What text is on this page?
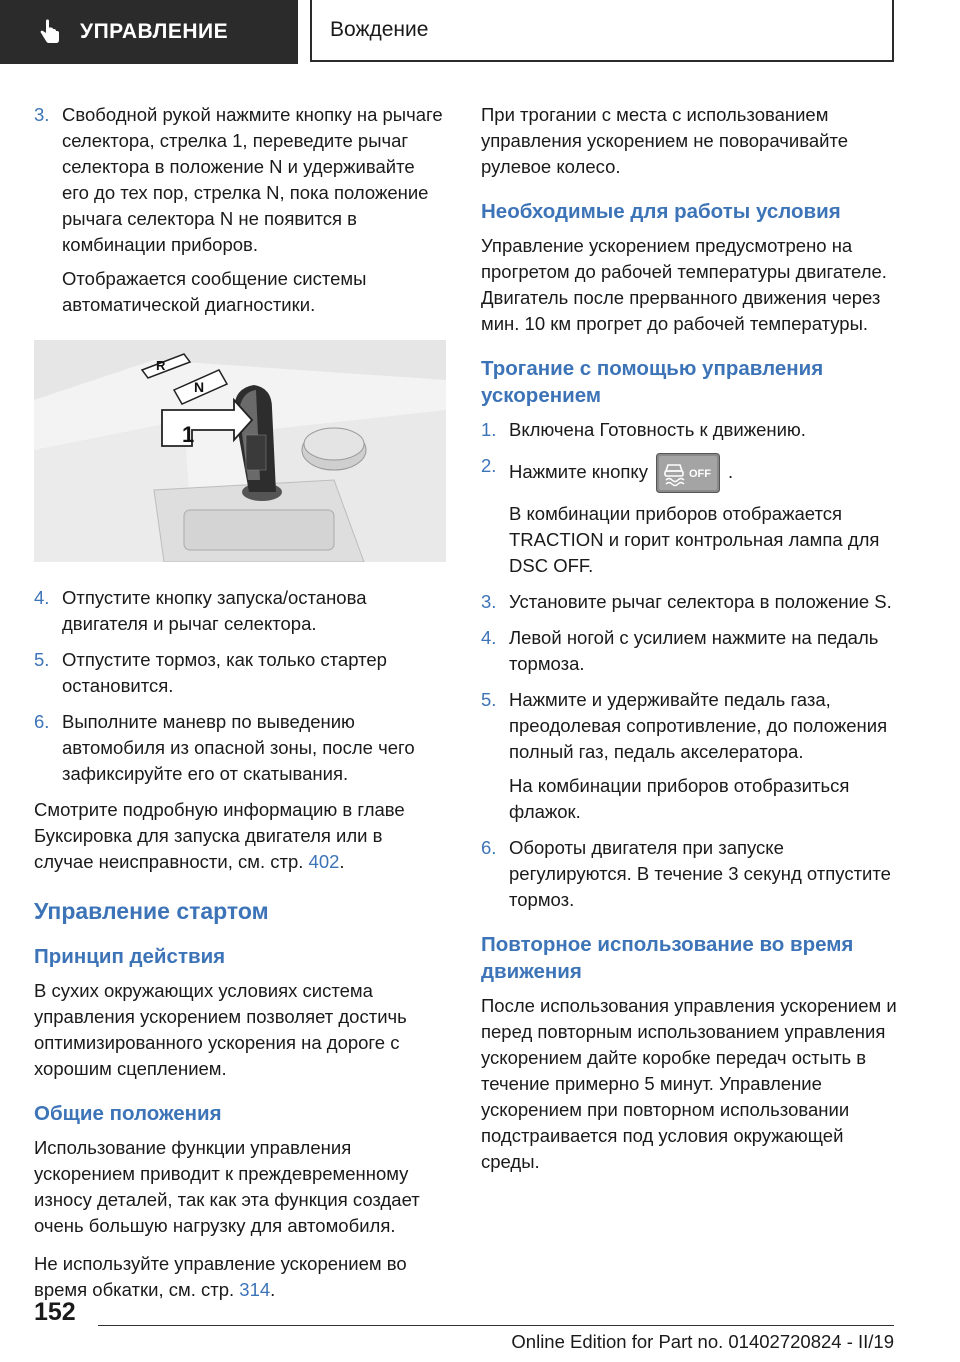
УПРАВЛЕНИЕ	Вождение
3. Свободной рукой нажмите кнопку на рычаге селектора, стрелка 1, переведите рычаг селектора в положение N и удерживайте его до тех пор, стрелка N, пока положение рычага селектора N не появится в комбинации приборов.

Отображается сообщение системы автоматической диагностики.

R
N
1
4. Отпустите кнопку запуска/останова двигателя и рычаг селектора.

5. Отпустите тормоз, как только стартер остановится.

6. Выполните маневр по выведению автомобиля из опасной зоны, после чего зафиксируйте его от скатывания.

Смотрите подробную информацию в главе Буксировка для запуска двигателя или в случае неисправности, см. стр. 402.

Управление стартом
Принцип действия

В сухих окружающих условиях система управления ускорением позволяет достичь оптимизированного ускорения на дороге с хорошим сцеплением.

Общие положения

Использование функции управления ускорением приводит к преждевременному износу деталей, так как эта функция создает очень большую нагрузку для автомобиля.

Не используйте управление ускорением во время обкатки, см. стр. 314.

При трогании с места с использованием управления ускорением не поворачивайте рулевое колесо.

Необходимые для работы условия

Управление ускорением предусмотрено на прогретом до рабочей температуры двигателе. Двигатель после прерванного движения через мин. 10 км прогрет до рабочей температуры.

Трогание с помощью управления ускорением
1. Включена Готовность к движению.

2. Нажмите кнопку	OFF .

В комбинации приборов отображается TRACTION и горит контрольная лампа для DSC OFF.

3. Установите рычаг селектора в положение S.

4. Левой ногой с усилием нажмите на педаль тормоза.

5. Нажмите и удерживайте педаль газа, преодолевая сопротивление, до положения полный газ, педаль акселератора.

На комбинации приборов отобразиться флажок.

6. Обороты двигателя при запуске регулируются. В течение 3 секунд отпустите тормоз.

Повторное использование во время движения

После использования управления ускорением и перед повторным использованием управления ускорением дайте коробке передач остыть в течение примерно 5 минут. Управление ускорением при повторном использовании подстраивается под условия окружающей среды.

152
Online Edition for Part no. 01402720824 - II/19
